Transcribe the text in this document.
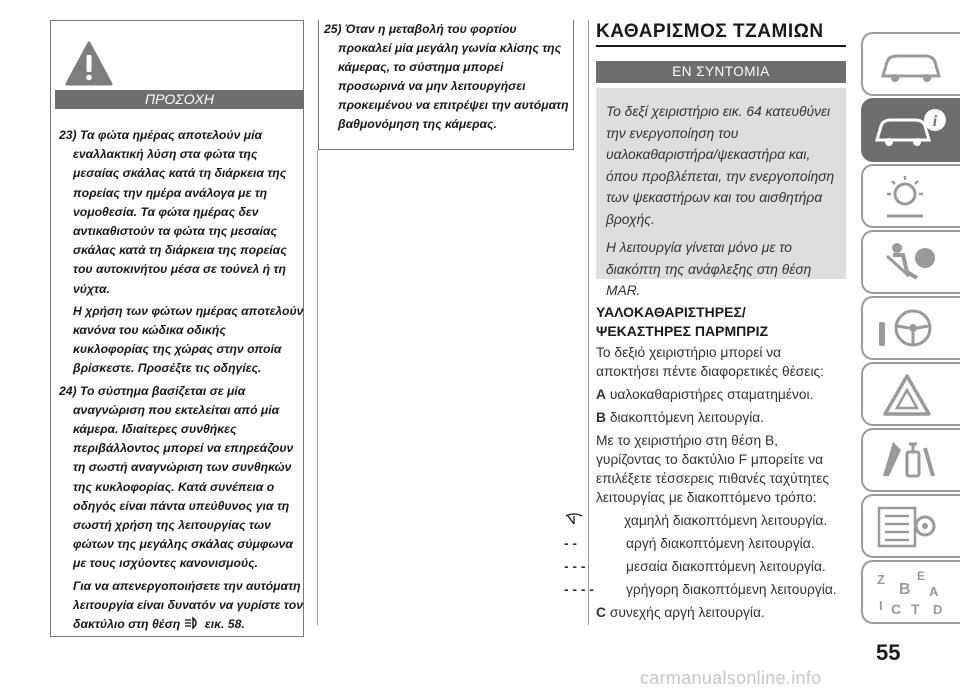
ΠΡΟΣΟΧΗ

23) Τα φώτα ημέρας αποτελούν μία εναλλακτική λύση στα φώτα της μεσαίας σκάλας κατά τη διάρκεια της πορείας την ημέρα ανάλογα με τη νομοθεσία. Τα φώτα ημέρας δεν αντικαθιστούν τα φώτα της μεσαίας σκάλας κατά τη διάρκεια της πορείας του αυτοκινήτου μέσα σε τούνελ ή τη νύχτα.

Η χρήση των φώτων ημέρας αποτελούν κανόνα του κώδικα οδικής κυκλοφορίας της χώρας στην οποία βρίσκεστε. Προσέξτε τις οδηγίες.

24) Το σύστημα βασίζεται σε μία αναγνώριση που εκτελείται από μία κάμερα. Ιδιαίτερες συνθήκες περιβάλλοντος μπορεί να επηρεάζουν τη σωστή αναγνώριση των συνθηκών της κυκλοφορίας. Κατά συνέπεια ο οδηγός είναι πάντα υπεύθυνος για τη σωστή χρήση της λειτουργίας των φώτων της μεγάλης σκάλας σύμφωνα με τους ισχύοντες κανονισμούς.

Για να απενεργοποιήσετε την αυτόματη λειτουργία είναι δυνατόν να γυρίστε τον δακτύλιο στη θέση εικ. 58.

25) Όταν η μεταβολή του φορτίου προκαλεί μία μεγάλη γωνία κλίσης της κάμερας, το σύστημα μπορεί προσωρινά να μην λειτουργήσει προκειμένου να επιτρέψει την αυτόματη βαθμονόμηση της κάμερας.

ΚΑΘΑΡΙΣΜΟΣ ΤΖΑΜΙΩΝ
ΕΝ ΣΥΝΤΟΜΙΑ

Το δεξί χειριστήριο εικ. 64 κατευθύνει την ενεργοποίηση του υαλοκαθαριστήρα/ψεκαστήρα και, όπου προβλέπεται, την ενεργοποίηση των ψεκαστήρων και του αισθητήρα βροχής.

Η λειτουργία γίνεται μόνο με το διακόπτη της ανάφλεξης στη θέση MAR.

ΥΑΛΟΚΑΘΑΡΙΣΤΗΡΕΣ/
ΨΕΚΑΣΤΗΡΕΣ ΠΑΡΜΠΡΙΖ

Το δεξιό χειριστήριο μπορεί να αποκτήσει πέντε διαφορετικές θέσεις:

A υαλοκαθαριστήρες σταματημένοι.

B διακοπτόμενη λειτουργία.

Με το χειριστήριο στη θέση B, γυρίζοντας το δακτύλιο F μπορείτε να επιλέξετε τέσσερεις πιθανές ταχύτητες λειτουργίας με διακοπτόμενο τρόπο:

χαμηλή διακοπτόμενη λειτουργία.

- -	αργή διακοπτόμενη λειτουργία.

- - -	μεσαία διακοπτόμενη λειτουργία.

- - - - γρήγορη διακοπτόμενη λειτουργία.

C συνεχής αργή λειτουργία.

i
Z	E
B A
I C T D
55
carmanualsonline.info
